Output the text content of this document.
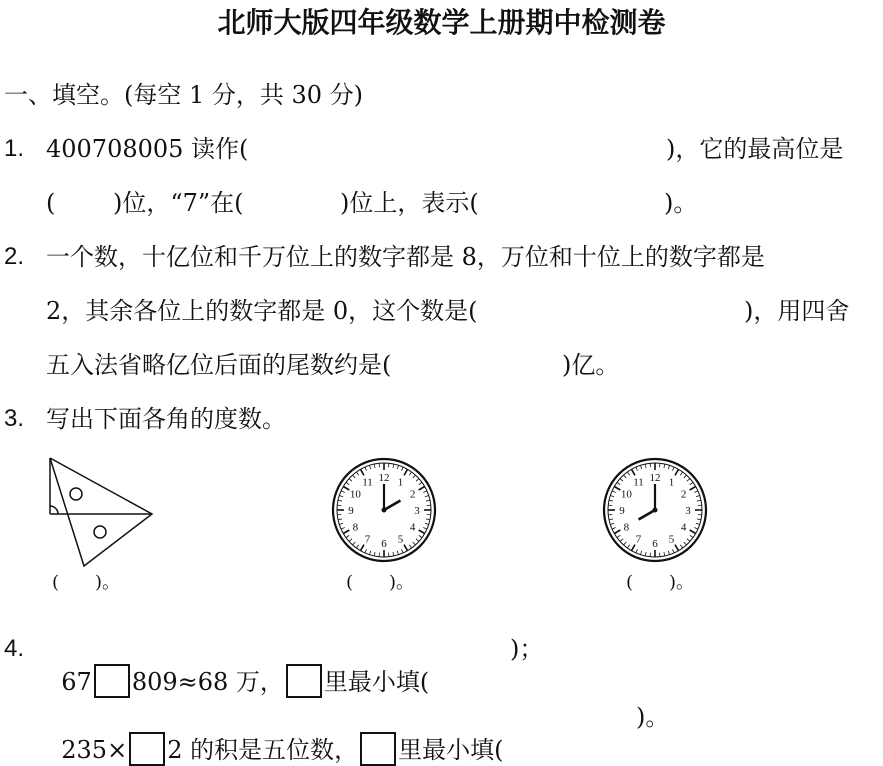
北师大版四年级数学上册期中检测卷
一、填空。(每空 1 分，共 30 分)
1. 400708005 读作(	)，它的最高位是
( )位，“7”在(	)位上，表示(	)。
2. 一个数，十亿位和千万位上的数字都是 8，万位和十位上的数字都是
2，其余各位上的数字都是 0，这个数是(	)，用四舍
五入法省略亿位后面的尾数约是(	)亿。
3. 写出下面各角的度数。
12 1
2
3
4
5
6
7
8
9
10
11	12 1
2
3
4
5
6
7
8
9
10
11
(　　)。	(　　)。	(　　)。
4.

67 809≈68 万， 里最小填(

)；

235× 2 的积是五位数， 里最小填(

)。
